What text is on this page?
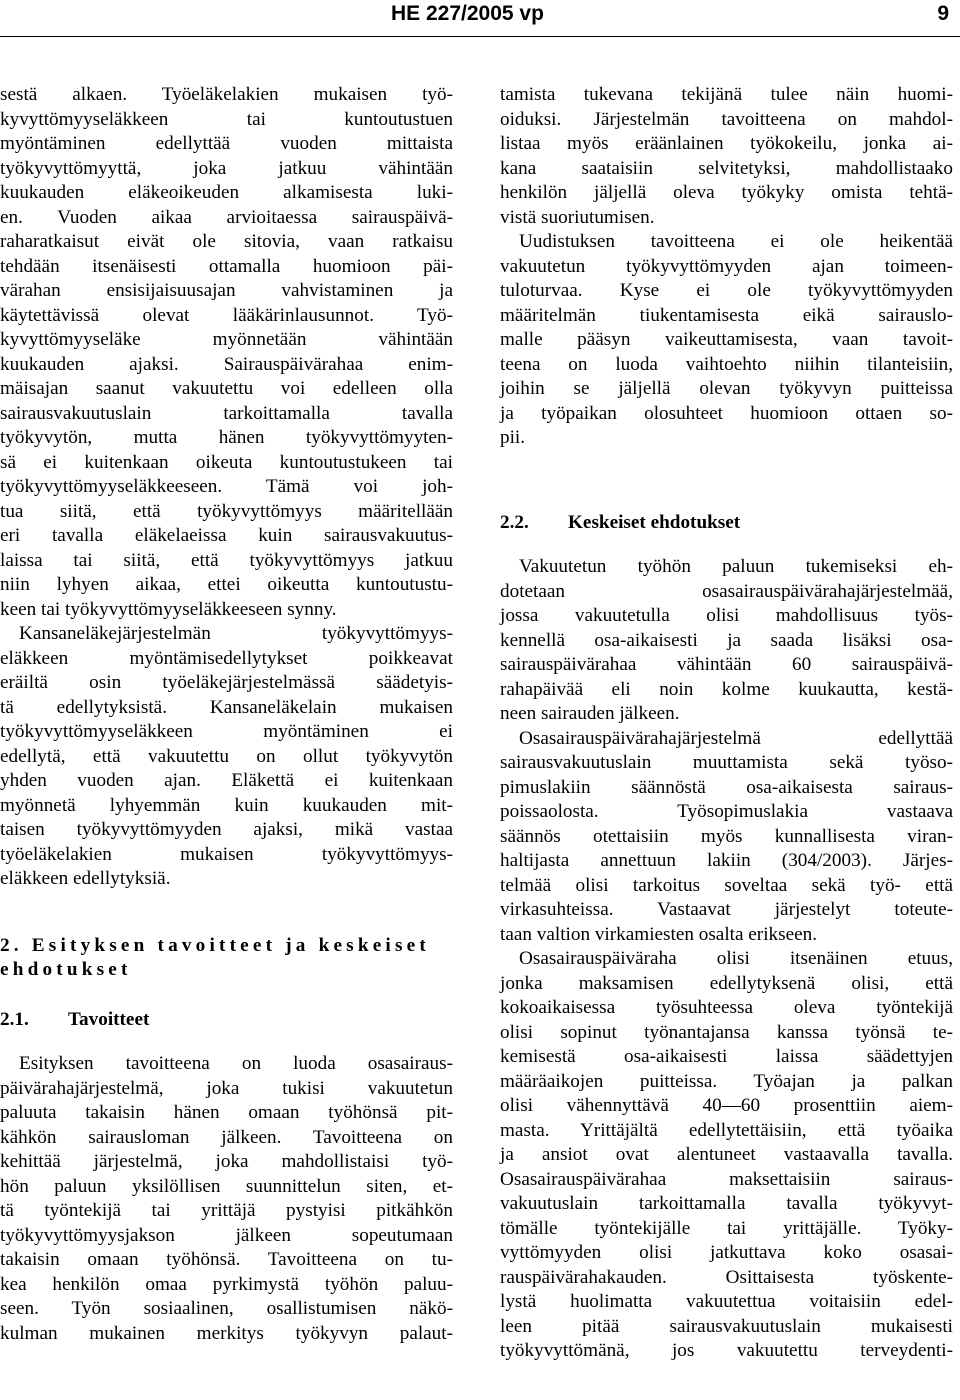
HE 227/2005 vp	9
sestä alkaen. Työeläkelakien mukaisen työ-
kyvyttömyyseläkkeen tai kuntoutustuen
myöntäminen edellyttää vuoden mittaista
työkyvyttömyyttä, joka jatkuu vähintään
kuukauden eläkeoikeuden alkamisesta luki-
en. Vuoden aikaa arvioitaessa sairauspäivä-
raharatkaisut eivät ole sitovia, vaan ratkaisu
tehdään itsenäisesti ottamalla huomioon päi-
värahan ensisijaisuusajan vahvistaminen ja
käytettävissä olevat lääkärinlausunnot. Työ-
kyvyttömyyseläke myönnetään vähintään
kuukauden ajaksi. Sairauspäivärahaa enim-
mäisajan saanut vakuutettu voi edelleen olla
sairausvakuutuslain tarkoittamalla tavalla
työkyvytön, mutta hänen työkyvyttömyyten-
sä ei kuitenkaan oikeuta kuntoutustukeen tai
työkyvyttömyyseläkkeeseen. Tämä voi joh-
tua siitä, että työkyvyttömyys määritellään
eri tavalla eläkelaeissa kuin sairausvakuutus-
laissa tai siitä, että työkyvyttömyys jatkuu
niin lyhyen aikaa, ettei oikeutta kuntoutustu-
keen tai työkyvyttömyyseläkkeeseen synny.
Kansaneläkejärjestelmän työkyvyttömyys-
eläkkeen myöntämisedellytykset poikkeavat
eräiltä osin työeläkejärjestelmässä säädetyis-
tä edellytyksistä. Kansaneläkelain mukaisen
työkyvyttömyyseläkkeen myöntäminen ei
edellytä, että vakuutettu on ollut työkyvytön
yhden vuoden ajan. Eläkettä ei kuitenkaan
myönnetä lyhyemmän kuin kuukauden mit-
taisen työkyvyttömyyden ajaksi, mikä vastaa
työeläkelakien mukaisen työkyvyttömyys-
eläkkeen edellytyksiä.
2. Esityksen tavoitteet ja keskeiset
ehdotukset
2.1. Tavoitteet
Esityksen tavoitteena on luoda osasairaus-
päivärahajärjestelmä, joka tukisi vakuutetun
paluuta takaisin hänen omaan työhönsä pit-
kähkön sairausloman jälkeen. Tavoitteena on
kehittää järjestelmä, joka mahdollistaisi työ-
hön paluun yksilöllisen suunnittelun siten, et-
tä työntekijä tai yrittäjä pystyisi pitkähkön
työkyvyttömyysjakson jälkeen sopeutumaan
takaisin omaan työhönsä. Tavoitteena on tu-
kea henkilön omaa pyrkimystä työhön paluu-
seen. Työn sosiaalinen, osallistumisen näkö-
kulman mukainen merkitys työkyvyn palaut-
tamista tukevana tekijänä tulee näin huomi-
oiduksi. Järjestelmän tavoitteena on mahdol-
listaa myös eräänlainen työkokeilu, jonka ai-
kana saataisiin selvitetyksi, mahdollistaako
henkilön jäljellä oleva työkyky omista tehtä-
vistä suoriutumisen.
Uudistuksen tavoitteena ei ole heikentää
vakuutetun työkyvyttömyyden ajan toimeen-
tuloturvaa. Kyse ei ole työkyvyttömyyden
määritelmän tiukentamisesta eikä sairauslo-
malle pääsyn vaikeuttamisesta, vaan tavoit-
teena on luoda vaihtoehto niihin tilanteisiin,
joihin se jäljellä olevan työkyvyn puitteissa
ja työpaikan olosuhteet huomioon ottaen so-
pii.
2.2. Keskeiset ehdotukset
Vakuutetun työhön paluun tukemiseksi eh-
dotetaan osasairauspäivärahajärjestelmää,
jossa vakuutetulla olisi mahdollisuus työs-
kennellä osa-aikaisesti ja saada lisäksi osa-
sairauspäivärahaa vähintään 60 sairauspäivä-
rahapäivää eli noin kolme kuukautta, kestä-
neen sairauden jälkeen.
Osasairauspäivärahajärjestelmä edellyttää
sairausvakuutuslain muuttamista sekä työso-
pimuslakiin säännöstä osa-aikaisesta sairaus-
poissaolosta. Työsopimuslakia vastaava
säännös otettaisiin myös kunnallisesta viran-
haltijasta annettuun lakiin (304/2003). Järjes-
telmää olisi tarkoitus soveltaa sekä työ- että
virkasuhteissa. Vastaavat järjestelyt toteute-
taan valtion virkamiesten osalta erikseen.
Osasairauspäiväraha olisi itsenäinen etuus,
jonka maksamisen edellytyksenä olisi, että
kokoaikaisessa työsuhteessa oleva työntekijä
olisi sopinut työnantajansa kanssa työnsä te-
kemisestä osa-aikaisesti laissa säädettyjen
määräaikojen puitteissa. Työajan ja palkan
olisi vähennyttävä 40—60 prosenttiin aiem-
masta. Yrittäjältä edellytettäisiin, että työaika
ja ansiot ovat alentuneet vastaavalla tavalla.
Osasairauspäivärahaa maksettaisiin sairaus-
vakuutuslain tarkoittamalla tavalla työkyvyt-
tömälle työntekijälle tai yrittäjälle. Työky-
vyttömyyden olisi jatkuttava koko osasai-
rauspäivärahakauden. Osittaisesta työskente-
lystä huolimatta vakuutettua voitaisiin edel-
leen pitää sairausvakuutuslain mukaisesti
työkyvyttömänä, jos vakuutettu terveydenti-
